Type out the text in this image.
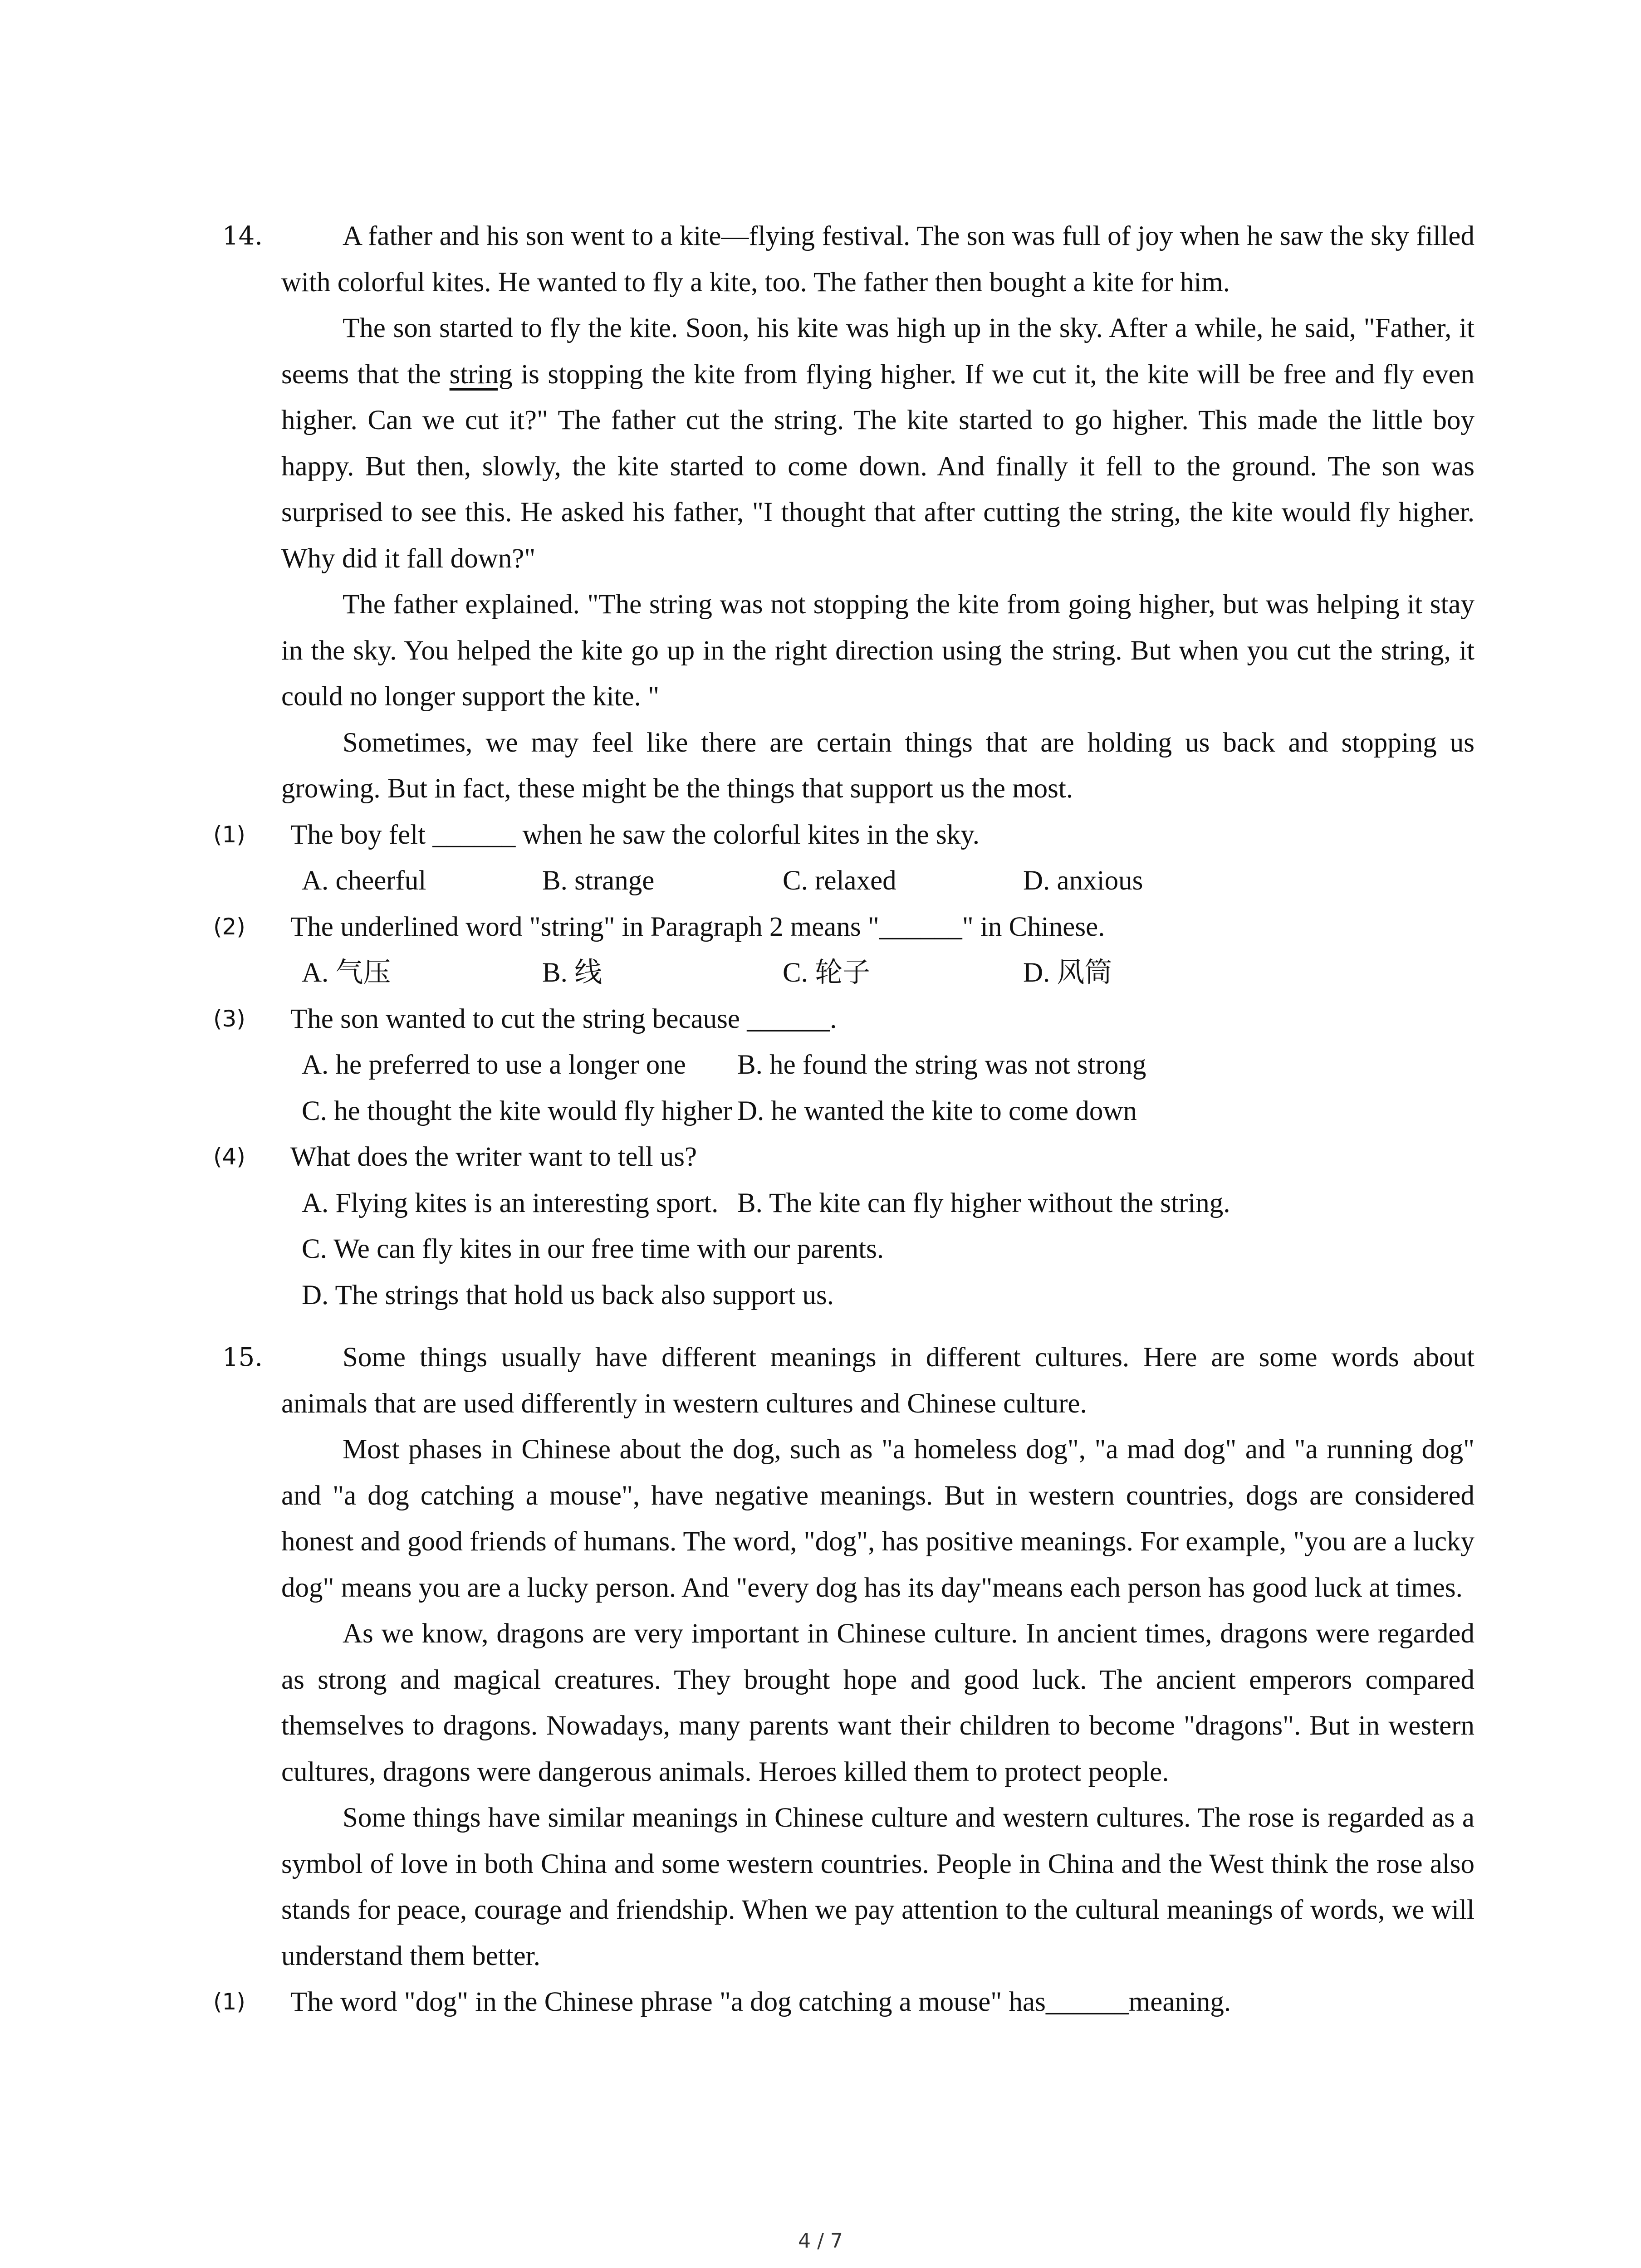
14.	A father and his son went to a kite—flying festival. The son was full of joy when he saw the sky filled with colorful kites. He wanted to fly a kite, too. The father then bought a kite for him.

The son started to fly the kite. Soon, his kite was high up in the sky. After a while, he said, "Father, it seems that the string is stopping the kite from flying higher. If we cut it, the kite will be free and fly even higher. Can we cut it?" The father cut the string. The kite started to go higher. This made the little boy happy. But then, slowly, the kite started to come down. And finally it fell to the ground. The son was surprised to see this. He asked his father, "I thought that after cutting the string, the kite would fly higher. Why did it fall down?"

The father explained. "The string was not stopping the kite from going higher, but was helping it stay in the sky. You helped the kite go up in the right direction using the string. But when you cut the string, it could no longer support the kite. "

Sometimes, we may feel like there are certain things that are holding us back and stopping us growing. But in fact, these might be the things that support us the most.

(1)	The boy felt ______ when he saw the colorful kites in the sky.
A. cheerful	B. strange	C. relaxed	D. anxious
(2)	The underlined word "string" in Paragraph 2 means "______" in Chinese.
A. 气压	B. 线	C. 轮子	D. 风筒
(3)	The son wanted to cut the string because ______.
A. he preferred to use a longer one	B. he found the string was not strong
C. he thought the kite would fly higher D. he wanted the kite to come down
(4)	What does the writer want to tell us?
A. Flying kites is an interesting sport. B. The kite can fly higher without the string.
C. We can fly kites in our free time with our parents.
D. The strings that hold us back also support us.
15.	Some things usually have different meanings in different cultures. Here are some words about animals that are used differently in western cultures and Chinese culture.

Most phases in Chinese about the dog, such as "a homeless dog", "a mad dog" and "a running dog" and "a dog catching a mouse", have negative meanings. But in western countries, dogs are considered honest and good friends of humans. The word, "dog", has positive meanings. For example, "you are a lucky dog" means you are a lucky person. And "every dog has its day"means each person has good luck at times.

As we know, dragons are very important in Chinese culture. In ancient times, dragons were regarded as strong and magical creatures. They brought hope and good luck. The ancient emperors compared themselves to dragons. Nowadays, many parents want their children to become "dragons". But in western cultures, dragons were dangerous animals. Heroes killed them to protect people.

Some things have similar meanings in Chinese culture and western cultures. The rose is regarded as a symbol of love in both China and some western countries. People in China and the West think the rose also stands for peace, courage and friendship. When we pay attention to the cultural meanings of words, we will understand them better.

(1)	The word "dog" in the Chinese phrase "a dog catching a mouse" has______meaning.
4 / 7
